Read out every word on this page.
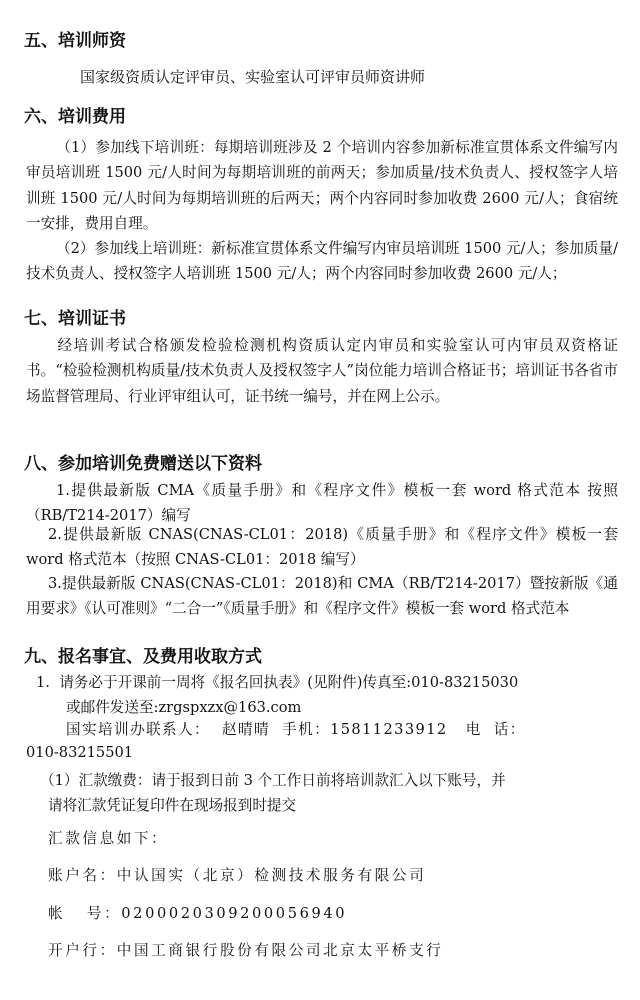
五、培训师资
国家级资质认定评审员、实验室认可评审员师资讲师
六、培训费用

（1）参加线下培训班：每期培训班涉及 2 个培训内容参加新标准宣贯体系文件编写内审员培训班 1500 元/人时间为每期培训班的前两天；参加质量/技术负责人、授权签字人培训班 1500 元/人时间为每期培训班的后两天；两个内容同时参加收费 2600 元/人；食宿统一安排，费用自理。

（2）参加线上培训班：新标准宣贯体系文件编写内审员培训班 1500 元/人；参加质量/技术负责人、授权签字人培训班 1500 元/人；两个内容同时参加收费 2600 元/人；

七、培训证书

经培训考试合格颁发检验检测机构资质认定内审员和实验室认可内审员双资格证书。“检验检测机构质量/技术负责人及授权签字人”岗位能力培训合格证书；培训证书各省市场监督管理局、行业评审组认可，证书统一编号，并在网上公示。

八、参加培训免费赠送以下资料

1.提供最新版 CMA《质量手册》和《程序文件》模板一套 word 格式范本 按照（RB/T214-2017）编写

2.提供最新版 CNAS(CNAS-CL01：2018)《质量手册》和《程序文件》模板一套 word 格式范本（按照 CNAS-CL01：2018 编写）

3.提供最新版 CNAS(CNAS-CL01：2018)和 CMA（RB/T214-2017）暨按新版《通用要求》《认可准则》“二合一”《质量手册》和《程序文件》模板一套 word 格式范本

九、报名事宜、及费用收取方式
1.  请务必于开课前一周将《报名回执表》(见附件)传真至:010-83215030
或邮件发送至:zrgspxzx@163.com
国实培训办联系人：  赵晴晴  手机：15811233912   电  话：
010-83215501
（1）汇款缴费：请于报到日前 3 个工作日前将培训款汇入以下账号，并
请将汇款凭证复印件在现场报到时提交
汇款信息如下：
账户名：中认国实（北京）检测技术服务有限公司
帐   号：0200020309200056940
开户行：中国工商银行股份有限公司北京太平桥支行
